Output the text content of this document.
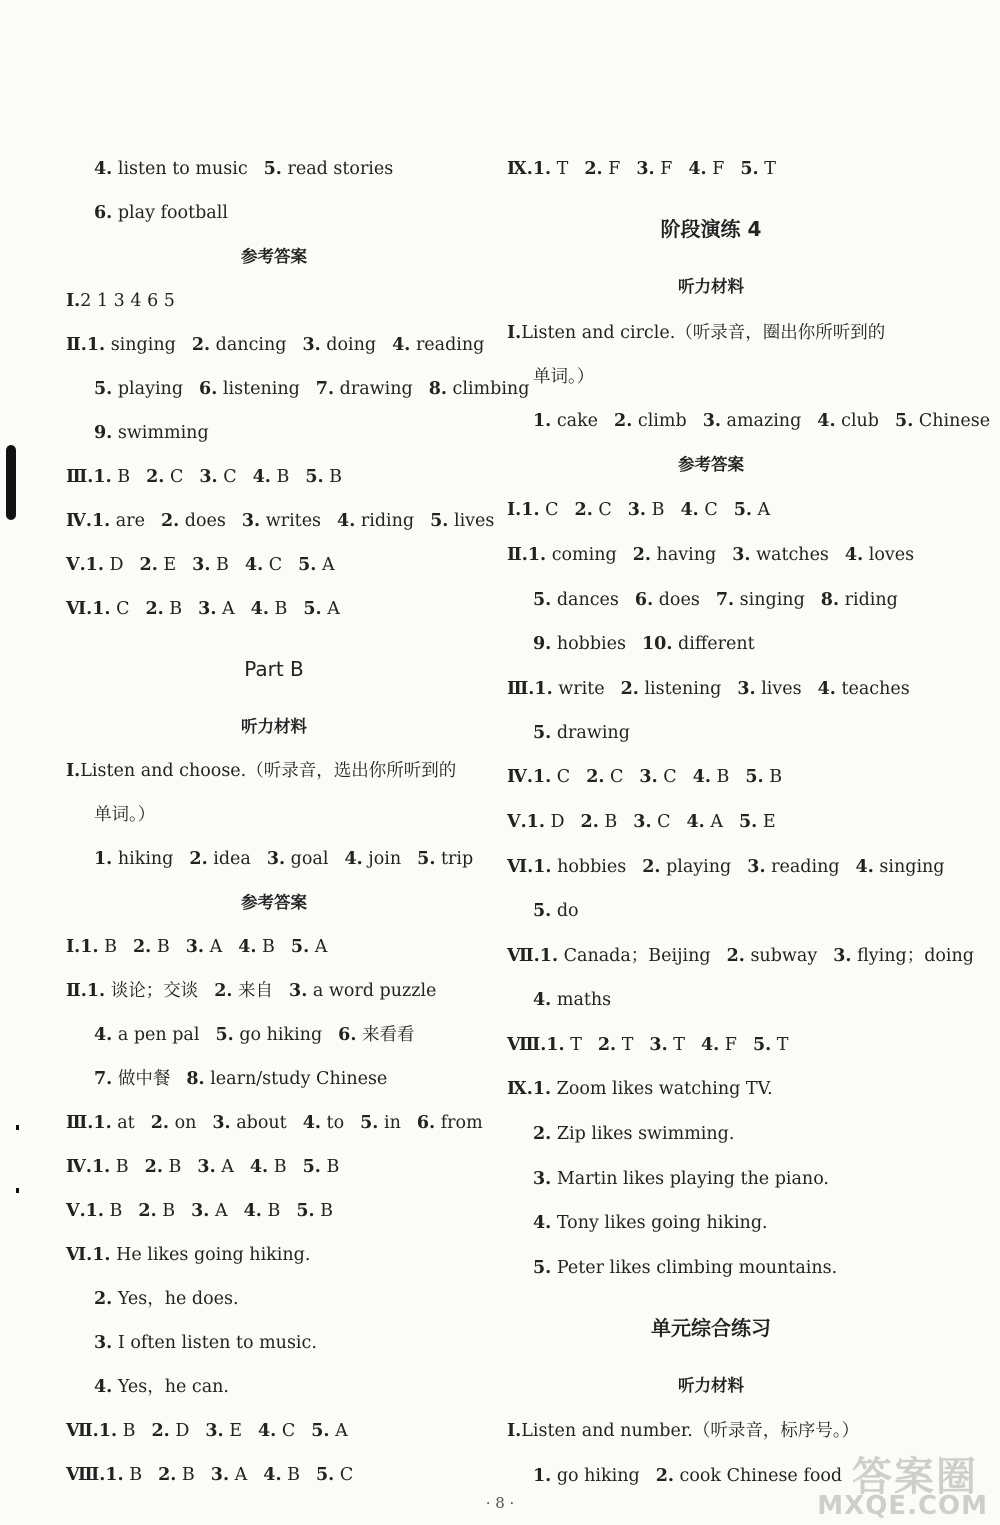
4. listen to music 5. read stories
6. play football
参考答案
Ⅰ.2 1 3 4 6 5
Ⅱ.1. singing 2. dancing 3. doing 4. reading
5. playing 6. listening 7. drawing 8. climbing
9. swimming
Ⅲ.1. B 2. C 3. C 4. B 5. B
Ⅳ.1. are 2. does 3. writes 4. riding 5. lives
Ⅴ.1. D 2. E 3. B 4. C 5. A
Ⅵ.1. C 2. B 3. A 4. B 5. A
Part B
听力材料
Ⅰ.Listen and choose.（听录音，选出你所听到的
单词。）
1. hiking 2. idea 3. goal 4. join 5. trip
参考答案
Ⅰ.1. B 2. B 3. A 4. B 5. A
Ⅱ.1. 谈论；交谈 2. 来自 3. a word puzzle
4. a pen pal 5. go hiking 6. 来看看
7. 做中餐 8. learn/study Chinese
Ⅲ.1. at 2. on 3. about 4. to 5. in 6. from
Ⅳ.1. B 2. B 3. A 4. B 5. B
Ⅴ.1. B 2. B 3. A 4. B 5. B
Ⅵ.1. He likes going hiking.
2. Yes，he does.
3. I often listen to music.
4. Yes，he can.
Ⅶ.1. B 2. D 3. E 4. C 5. A
Ⅷ.1. B 2. B 3. A 4. B 5. C
Ⅸ.1. T 2. F 3. F 4. F 5. T
阶段演练 4
听力材料
Ⅰ.Listen and circle.（听录音，圈出你所听到的
单词。）
1. cake 2. climb 3. amazing 4. club 5. Chinese
参考答案
Ⅰ.1. C 2. C 3. B 4. C 5. A
Ⅱ.1. coming 2. having 3. watches 4. loves
5. dances 6. does 7. singing 8. riding
9. hobbies 10. different
Ⅲ.1. write 2. listening 3. lives 4. teaches
5. drawing
Ⅳ.1. C 2. C 3. C 4. B 5. B
Ⅴ.1. D 2. B 3. C 4. A 5. E
Ⅵ.1. hobbies 2. playing 3. reading 4. singing
5. do
Ⅶ.1. Canada；Beijing 2. subway 3. flying；doing
4. maths
Ⅷ.1. T 2. T 3. T 4. F 5. T
Ⅸ.1. Zoom likes watching TV.
2. Zip likes swimming.
3. Martin likes playing the piano.
4. Tony likes going hiking.
5. Peter likes climbing mountains.
单元综合练习
听力材料
Ⅰ.Listen and number.（听录音，标序号。）
1. go hiking 2. cook Chinese food
· 8 ·
答案圈
MXQE.COM
